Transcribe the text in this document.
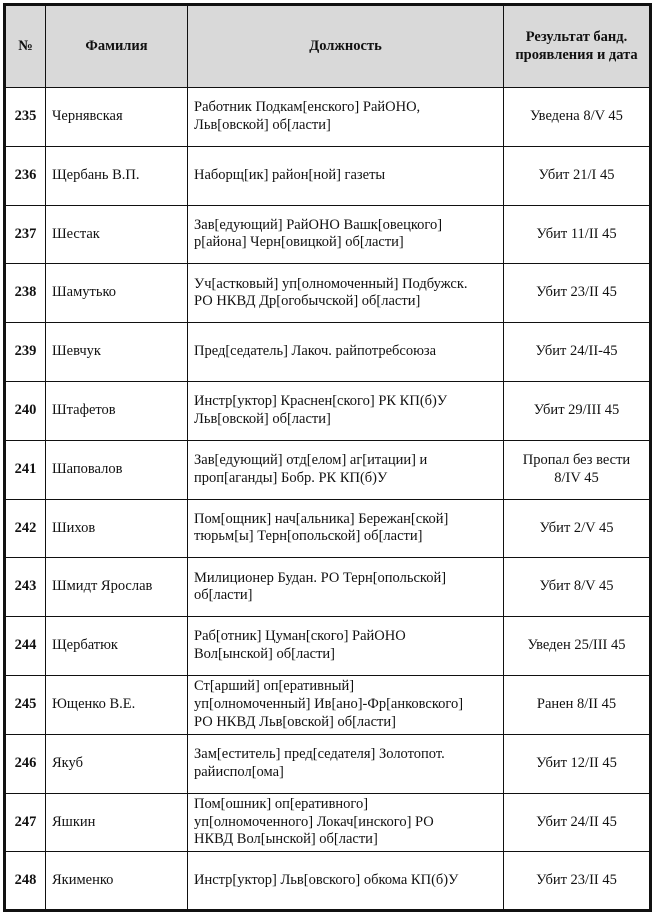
№	Фамилия	Должность	Результат банд.
проявления и дата
235	Чернявская	Работник Подкам[енского] РайОНО,
Льв[овской] об[ласти]	Уведена 8/V 45
236	Щербань В.П.	Наборщ[ик] район[ной] газеты	Убит 21/I 45
237	Шестак	Зав[едующий] РайОНО Вашк[овецкого]
р[айона] Черн[овицкой] об[ласти]	Убит 11/II 45
238	Шамутько	Уч[астковый] уп[олномоченный] Подбужск.
РО НКВД Др[огобычской] об[ласти]	Убит 23/II 45
239	Шевчук	Пред[седатель] Лакоч. райпотребсоюза	Убит 24/II-45
240	Штафетов	Инстр[уктор] Краснен[ского] РК КП(б)У
Льв[овской] об[ласти]	Убит 29/III 45
241	Шаповалов	Зав[едующий] отд[елом] аг[итации] и
проп[аганды] Бобр. РК КП(б)У	Пропал без вести
8/IV 45
242	Шихов	Пом[ощник] нач[альника] Бережан[ской]
тюрьм[ы] Терн[опольской] об[ласти]	Убит 2/V 45
243	Шмидт Ярослав	Милиционер Будан. РО Терн[опольской]
об[ласти]	Убит 8/V 45
244	Щербатюк	Раб[отник] Цуман[ского] РайОНО
Вол[ынской] об[ласти]	Уведен 25/III 45
245	Ющенко В.Е.	Ст[арший] оп[еративный]
уп[олномоченный] Ив[ано]-Фр[анковского]
РО НКВД Льв[овской] об[ласти]	Ранен 8/II 45
246	Якуб	Зам[еститель] пред[седателя] Золотопот.
райиспол[ома]	Убит 12/II 45
247	Яшкин	Пом[ошник] оп[еративного]
уп[олномоченного] Локач[инского] РО
НКВД Вол[ынской] об[ласти]	Убит 24/II 45
248	Якименко	Инстр[уктор] Льв[овского] обкома КП(б)У	Убит 23/II 45
